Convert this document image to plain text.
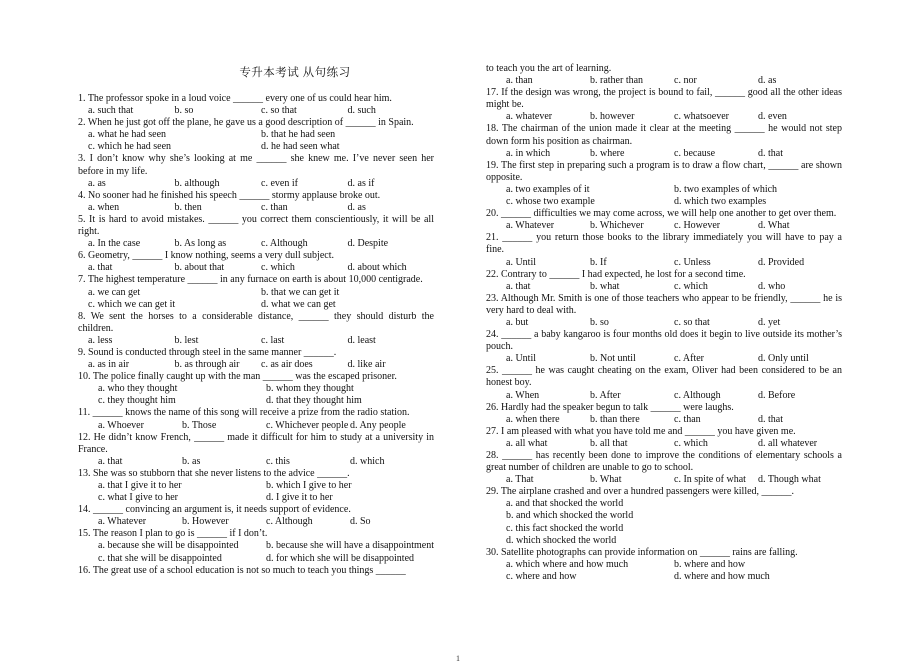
专升本考试 从句练习
1. The professor spoke in a loud voice ______ every one of us could hear him.
a. such that	b. so	c. so that	d. such
2. When he just got off the plane, he gave us a good description of ______ in Spain.
a. what he had seen	b. that he had seen
c. which he had seen	d. he had seen what
3. I don’t know why she’s looking at me ______ she knew me. I’ve never seen her before in my life.
a. as	b. although	c. even if	d. as if
4. No sooner had he finished his speech ______ stormy applause broke out.
a. when	b. then	c. than	d. as
5. It is hard to avoid mistakes. ______ you correct them conscientiously, it will be all right.
a. In the case	b. As long as	c. Although	d. Despite
6. Geometry, ______ I know nothing, seems a very dull subject.
a. that	b. about that	c. which	d. about which
7. The highest temperature ______ in any furnace on earth is about 10,000 centigrade.
a. we can get	b. that we can get it
c. which we can get it	d. what we can get
8. We sent the horses to a considerable distance, ______ they should disturb the children.
a. less	b. lest	c. last	d. least
9. Sound is conducted through steel in the same manner ______.
a. as in air	b. as through air c. as air does	d. like air
10. The police finally caught up with the man ______ was the escaped prisoner.
a. who they thought	b. whom they thought
c. they thought him	d. that they thought him
11. ______ knows the name of this song will receive a prize from the radio station.
a. Whoever	b. Those	c. Whichever people d. Any people
12. He didn’t know French, ______ made it difficult for him to study at a university in France.
a. that	b. as	c. this	d. which
13. She was so stubborn that she never listens to the advice ______.
a. that I give it to her	b. which I give to her
c. what I give to her	d. I give it to her
14. ______ convincing an argument is, it needs support of evidence.
a. Whatever	b. However	c. Although	d. So
15. The reason I plan to go is ______ if I don’t.
a. because she will be disappointed	b. because she will have a disappointment
c. that she will be disappointed	d. for which she will be disappointed
16. The great use of a school education is not so much to teach you things ______
to teach you the art of learning.
a. than	b. rather than	c. nor	d. as
17. If the design was wrong, the project is bound to fail, ______ good all the other ideas might be.
a. whatever	b. however	c. whatsoever	d. even
18. The chairman of the union made it clear at the meeting ______ he would not step down form his position as chairman.
a. in which	b. where	c. because	d. that
19. The first step in preparing such a program is to draw a flow chart, ______ are shown opposite.
a. two examples of it	b. two examples of which
c. whose two example	d. which two examples
20. ______ difficulties we may come across, we will help one another to get over them.
a. Whatever	b. Whichever	c. However	d. What
21. ______ you return those books to the library immediately you will have to pay a fine.
a. Until	b. If	c. Unless	d. Provided
22. Contrary to ______ I had expected, he lost for a second time.
a. that	b. what	c. which	d. who
23. Although Mr. Smith is one of those teachers who appear to be friendly, ______ he is very hard to deal with.
a. but	b. so	c. so that	d. yet
24. ______ a baby kangaroo is four months old does it begin to live outside its mother’s pouch.
a. Until	b. Not until	c. After	d. Only until
25. ______ he was caught cheating on the exam, Oliver had been considered to be an honest boy.
a. When	b. After	c. Although	d. Before
26. Hardly had the speaker begun to talk ______ were laughs.
a. when there	b. than there	c. than	d. that
27. I am pleased with what you have told me and ______ you have given me.
a. all what	b. all that	c. which	d. all whatever
28. ______ has recently been done to improve the conditions of elementary schools a great number of children are unable to go to school.
a. That	b. What	c. In spite of what d. Though what
29. The airplane crashed and over a hundred passengers were killed, ______.
a. and that shocked the world
b. and which shocked the world
c. this fact shocked the world
d. which shocked the world
30. Satellite photographs can provide information on ______ rains are falling.
a. which where and how much	b. where and how
c. where and how	d. where and how much
1
